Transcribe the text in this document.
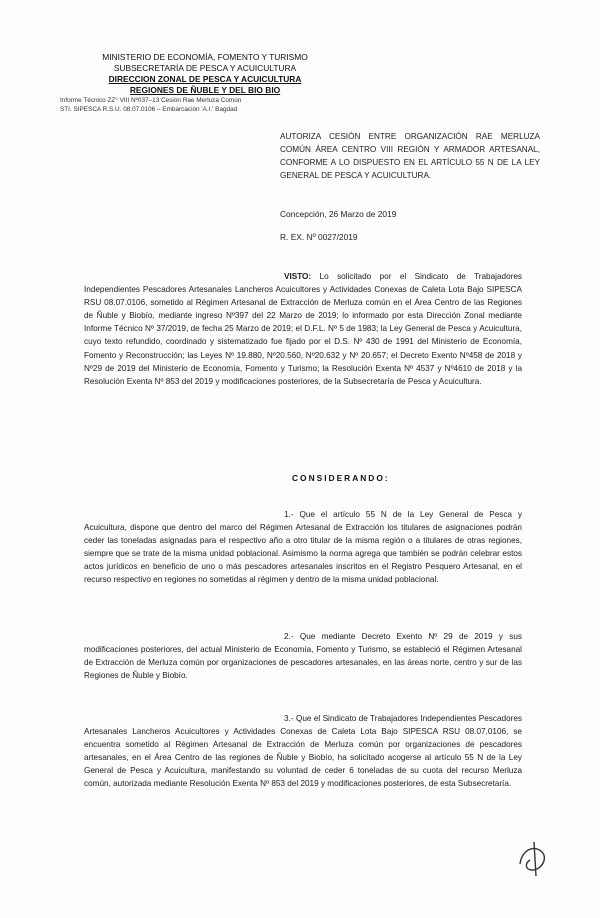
MINISTERIO DE ECONOMÍA, FOMENTO Y TURISMO
SUBSECRETARÍA DE PESCA Y ACUICULTURA
DIRECCION ZONAL DE PESCA Y ACUICULTURA
REGIONES DE ÑUBLE Y DEL BIO BIO
Informe Técnico ZZ° VIII Nº037–13 Cesión Rae Merluza Común
STI. SIPESCA R.S.U. 08.07.0106 – Embarcación 'A.I.' Bagdad
AUTORIZA CESIÓN ENTRE ORGANIZACIÓN RAE MERLUZA COMÚN ÁREA CENTRO VIII REGIÓN Y ARMADOR ARTESANAL, CONFORME A LO DISPUESTO EN EL ARTÍCULO 55 N DE LA LEY GENERAL DE PESCA Y ACUICULTURA.
Concepción, 26 Marzo de 2019
R. EX. Nº 0027/2019
VISTO: Lo solicitado por el Sindicato de Trabajadores Independientes Pescadores Artesanales Lancheros Acuicultores y Actividades Conexas de Caleta Lota Bajo SIPESCA RSU 08.07.0106, sometido al Régimen Artesanal de Extracción de Merluza común en el Área Centro de las Regiones de Ñuble y Biobío, mediante ingreso Nº397 del 22 Marzo de 2019; lo informado por esta Dirección Zonal mediante Informe Técnico Nº 37/2019, de fecha 25 Marzo de 2019; el D.F.L. Nº 5 de 1983; la Ley General de Pesca y Acuicultura, cuyo texto refundido, coordinado y sistematizado fue fijado por el D.S. Nº 430 de 1991 del Ministerio de Economía, Fomento y Reconstrucción; las Leyes Nº 19.880, Nº20.560, Nº20.632 y Nº 20.657; el Decreto Exento Nº458 de 2018 y Nº29 de 2019 del Ministerio de Economía, Fomento y Turismo; la Resolución Exenta Nº 4537 y Nº4610 de 2018 y la Resolución Exenta Nº 853 del 2019 y modificaciones posteriores, de la Subsecretaría de Pesca y Acuicultura.
CONSIDERANDO:
1.- Que el artículo 55 N de la Ley General de Pesca y Acuicultura, dispone que dentro del marco del Régimen Artesanal de Extracción los titulares de asignaciones podrán ceder las toneladas asignadas para el respectivo año a otro titular de la misma región o a titulares de otras regiones, siempre que se trate de la misma unidad poblacional. Asimismo la norma agrega que también se podrán celebrar estos actos jurídicos en beneficio de uno o más pescadores artesanales inscritos en el Registro Pesquero Artesanal, en el recurso respectivo en regiones no sometidas al régimen y dentro de la misma unidad poblacional.
2.- Que mediante Decreto Exento Nº 29 de 2019 y sus modificaciones posteriores, del actual Ministerio de Economía, Fomento y Turismo, se estableció el Régimen Artesanal de Extracción de Merluza común por organizaciones de pescadores artesanales, en las áreas norte, centro y sur de las Regiones de Ñuble y Biobío.
3.- Que el Sindicato de Trabajadores Independientes Pescadores Artesanales Lancheros Acuicultores y Actividades Conexas de Caleta Lota Bajo SIPESCA RSU 08.07.0106, se encuentra sometido al Régimen Artesanal de Extracción de Merluza común por organizaciones de pescadores artesanales, en el Área Centro de las regiones de Ñuble y Biobío, ha solicitado acogerse al artículo 55 N de la Ley General de Pesca y Acuicultura, manifestando su voluntad de ceder 6 toneladas de su cuota del recurso Merluza común, autorizada mediante Resolución Exenta Nº 853 del 2019 y modificaciones posteriores, de esta Subsecretaría.
